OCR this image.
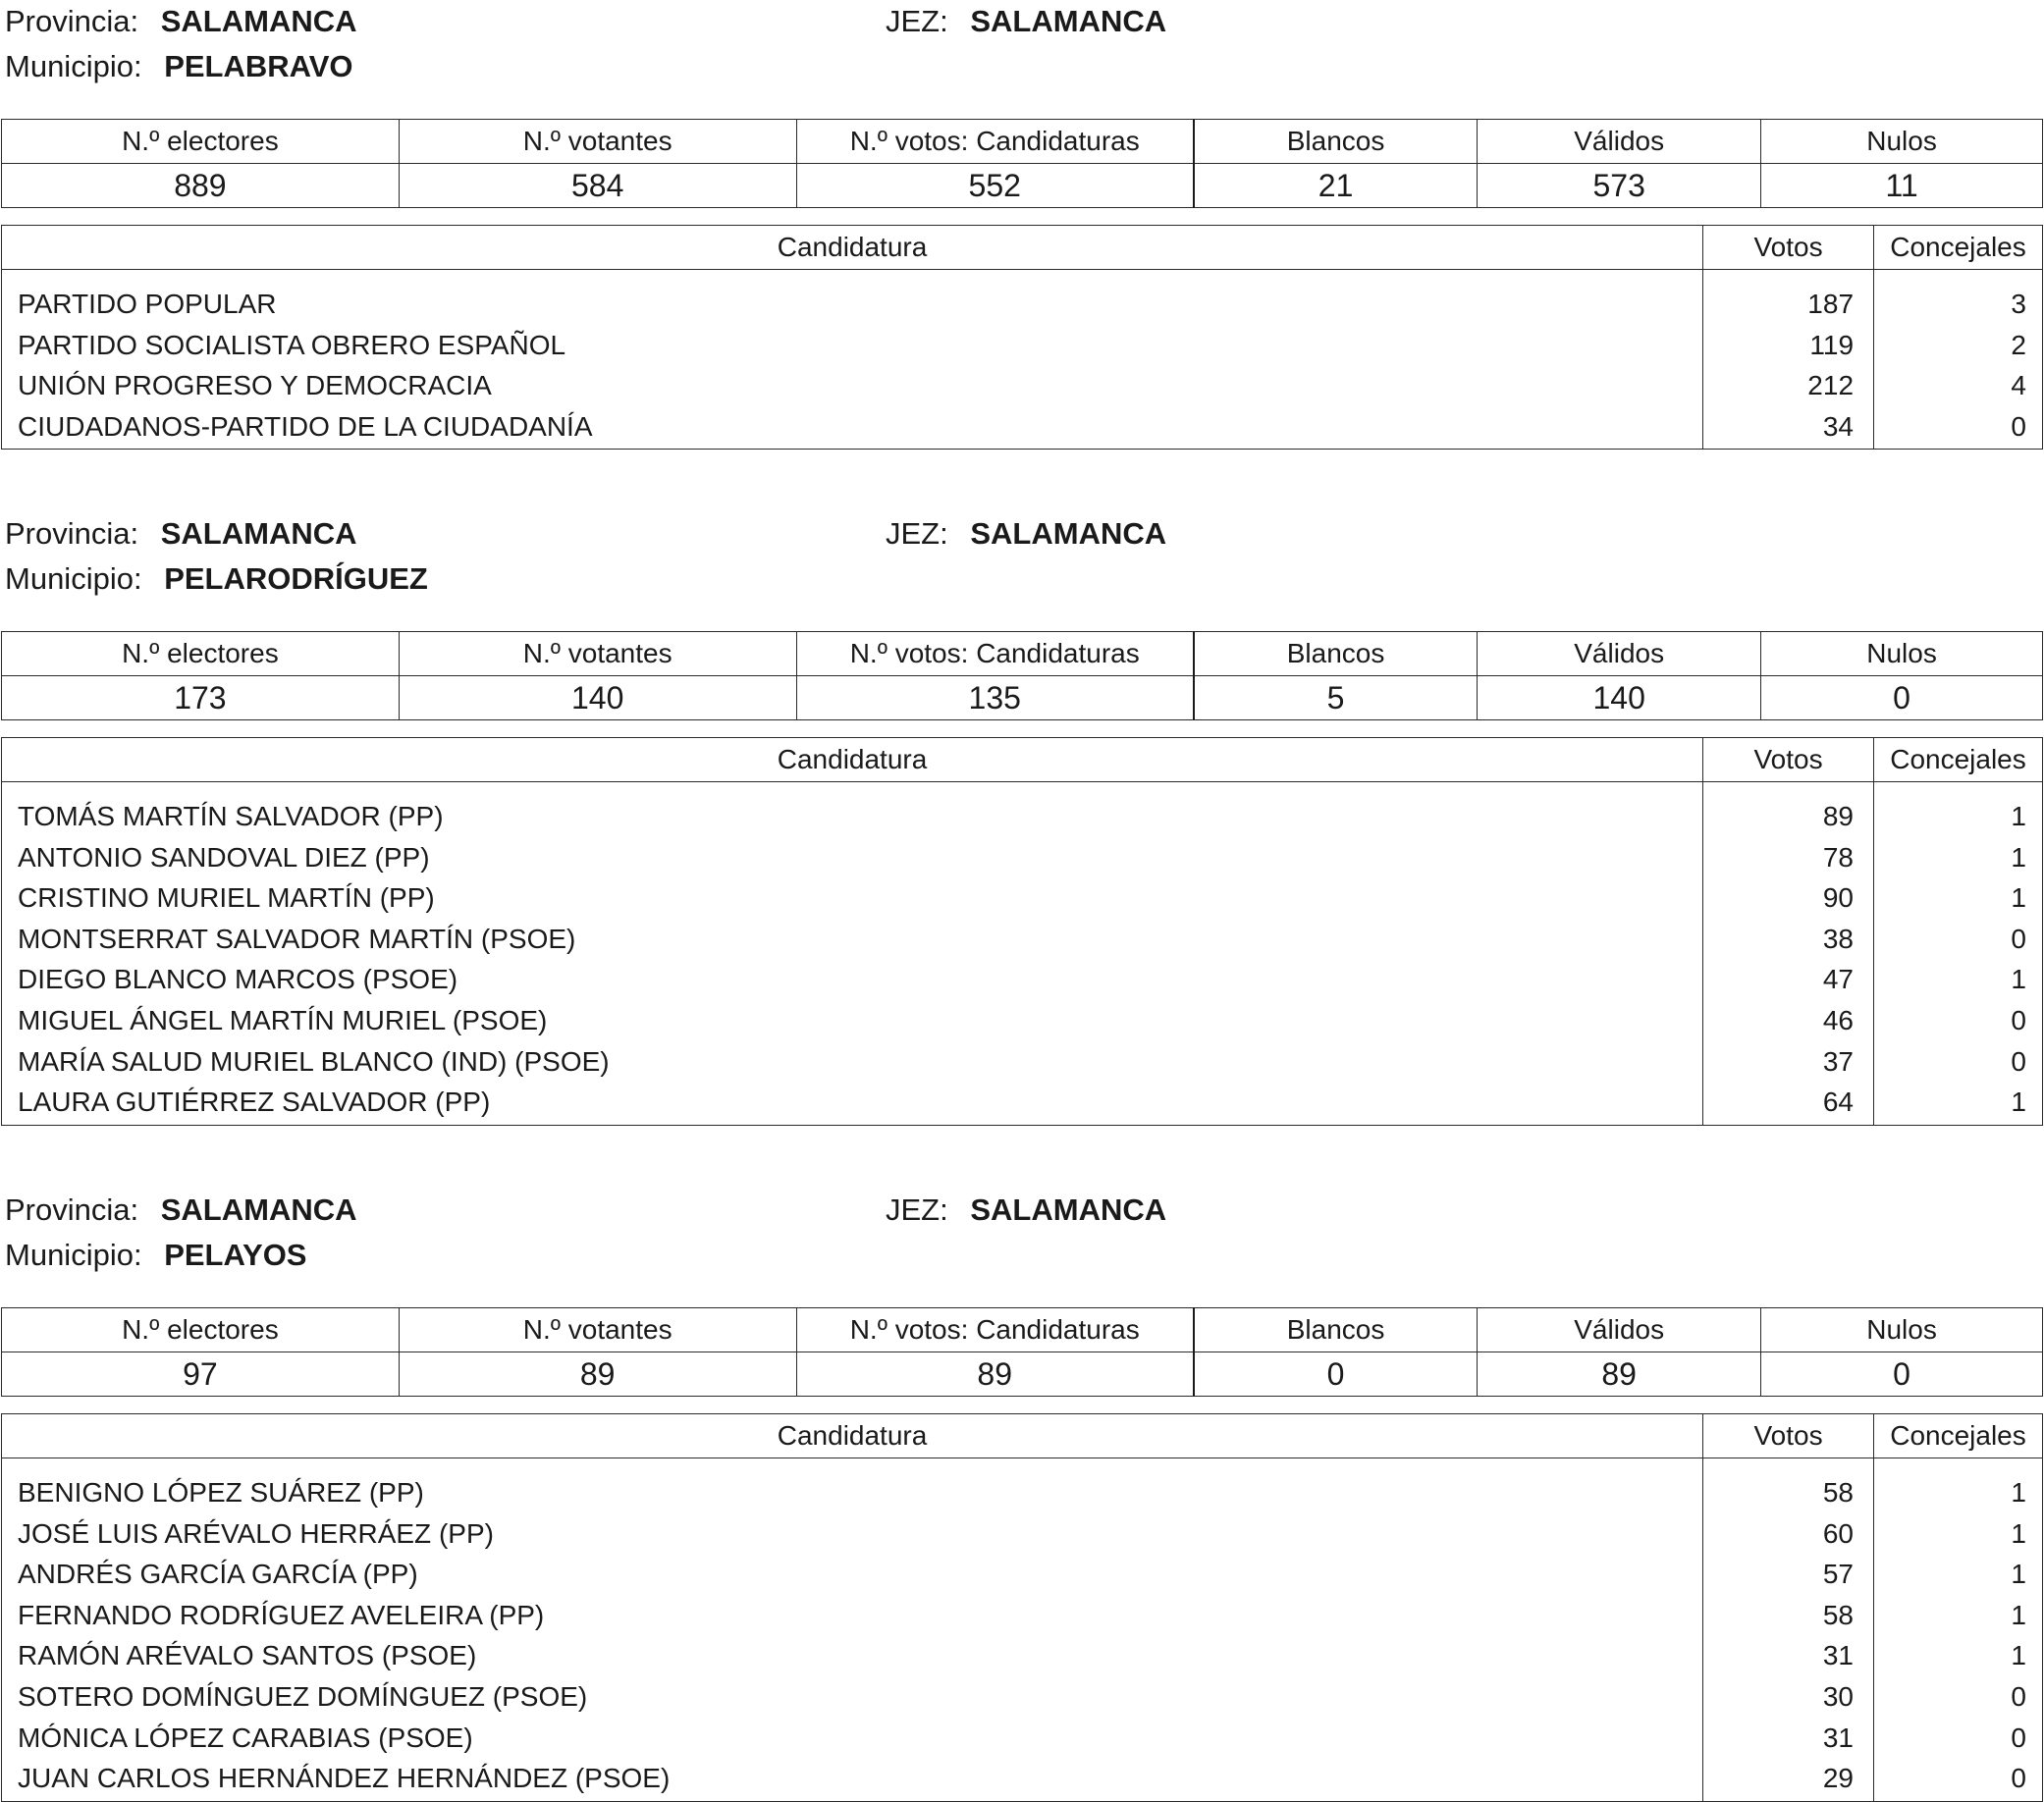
Provincia: SALAMANCA	JEZ: SALAMANCA
Municipio: PELABRAVO
N.º electores	N.º votantes	N.º votos: Candidaturas	Blancos	Válidos	Nulos
889	584	552	21	573	11
Candidatura	Votos	Concejales
PARTIDO POPULAR	187	3
PARTIDO SOCIALISTA OBRERO ESPAÑOL	119	2
UNIÓN PROGRESO Y DEMOCRACIA	212	4
CIUDADANOS-PARTIDO DE LA CIUDADANÍA	34	0
Provincia: SALAMANCA	JEZ: SALAMANCA
Municipio: PELARODRÍGUEZ
N.º electores	N.º votantes	N.º votos: Candidaturas	Blancos	Válidos	Nulos
173	140	135	5	140	0
Candidatura	Votos	Concejales
TOMÁS MARTÍN SALVADOR (PP)	89	1
ANTONIO SANDOVAL DIEZ (PP)	78	1
CRISTINO MURIEL MARTÍN (PP)	90	1
MONTSERRAT SALVADOR MARTÍN (PSOE)	38	0
DIEGO BLANCO MARCOS (PSOE)	47	1
MIGUEL ÁNGEL MARTÍN MURIEL (PSOE)	46	0
MARÍA SALUD MURIEL BLANCO (IND) (PSOE)	37	0
LAURA GUTIÉRREZ SALVADOR (PP)	64	1
Provincia: SALAMANCA	JEZ: SALAMANCA
Municipio: PELAYOS
N.º electores	N.º votantes	N.º votos: Candidaturas	Blancos	Válidos	Nulos
97	89	89	0	89	0
Candidatura	Votos	Concejales
BENIGNO LÓPEZ SUÁREZ (PP)	58	1
JOSÉ LUIS ARÉVALO HERRÁEZ (PP)	60	1
ANDRÉS GARCÍA GARCÍA (PP)	57	1
FERNANDO RODRÍGUEZ AVELEIRA (PP)	58	1
RAMÓN ARÉVALO SANTOS (PSOE)	31	1
SOTERO DOMÍNGUEZ DOMÍNGUEZ (PSOE)	30	0
MÓNICA LÓPEZ CARABIAS (PSOE)	31	0
JUAN CARLOS HERNÁNDEZ HERNÁNDEZ (PSOE)	29	0
